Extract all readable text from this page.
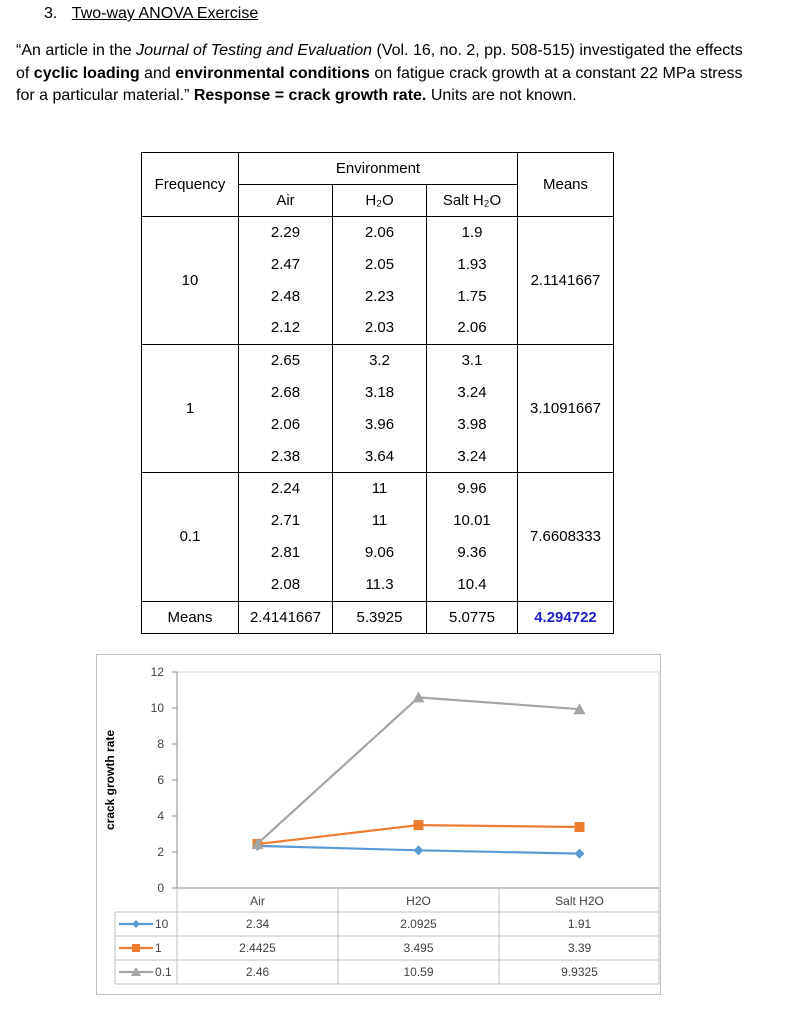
3. Two-way ANOVA Exercise
“An article in the Journal of Testing and Evaluation (Vol. 16, no. 2, pp. 508-515) investigated the effects of cyclic loading and environmental conditions on fatigue crack growth at a constant 22 MPa stress for a particular material.” Response = crack growth rate. Units are not known.
Frequency	Environment			Means
	Air	H₂O	Salt H₂O	
10	2.29	2.06	1.9	2.1141667
	2.47	2.05	1.93	
	2.48	2.23	1.75	
	2.12	2.03	2.06	
1	2.65	3.2	3.1	3.1091667
	2.68	3.18	3.24	
	2.06	3.96	3.98	
	2.38	3.64	3.24	
0.1	2.24	11	9.96	7.6608333
	2.71	11	10.01	
	2.81	9.06	9.36	
	2.08	11.3	10.4	
Means	2.4141667	5.3925	5.0775	4.294722
0
2
4
6
8
10
12
crack growth rate
Air	H2O	Salt H2O
10	2.34	2.0925	1.91
1	2.4425	3.495	3.39
0.1	2.46	10.59	9.9325
